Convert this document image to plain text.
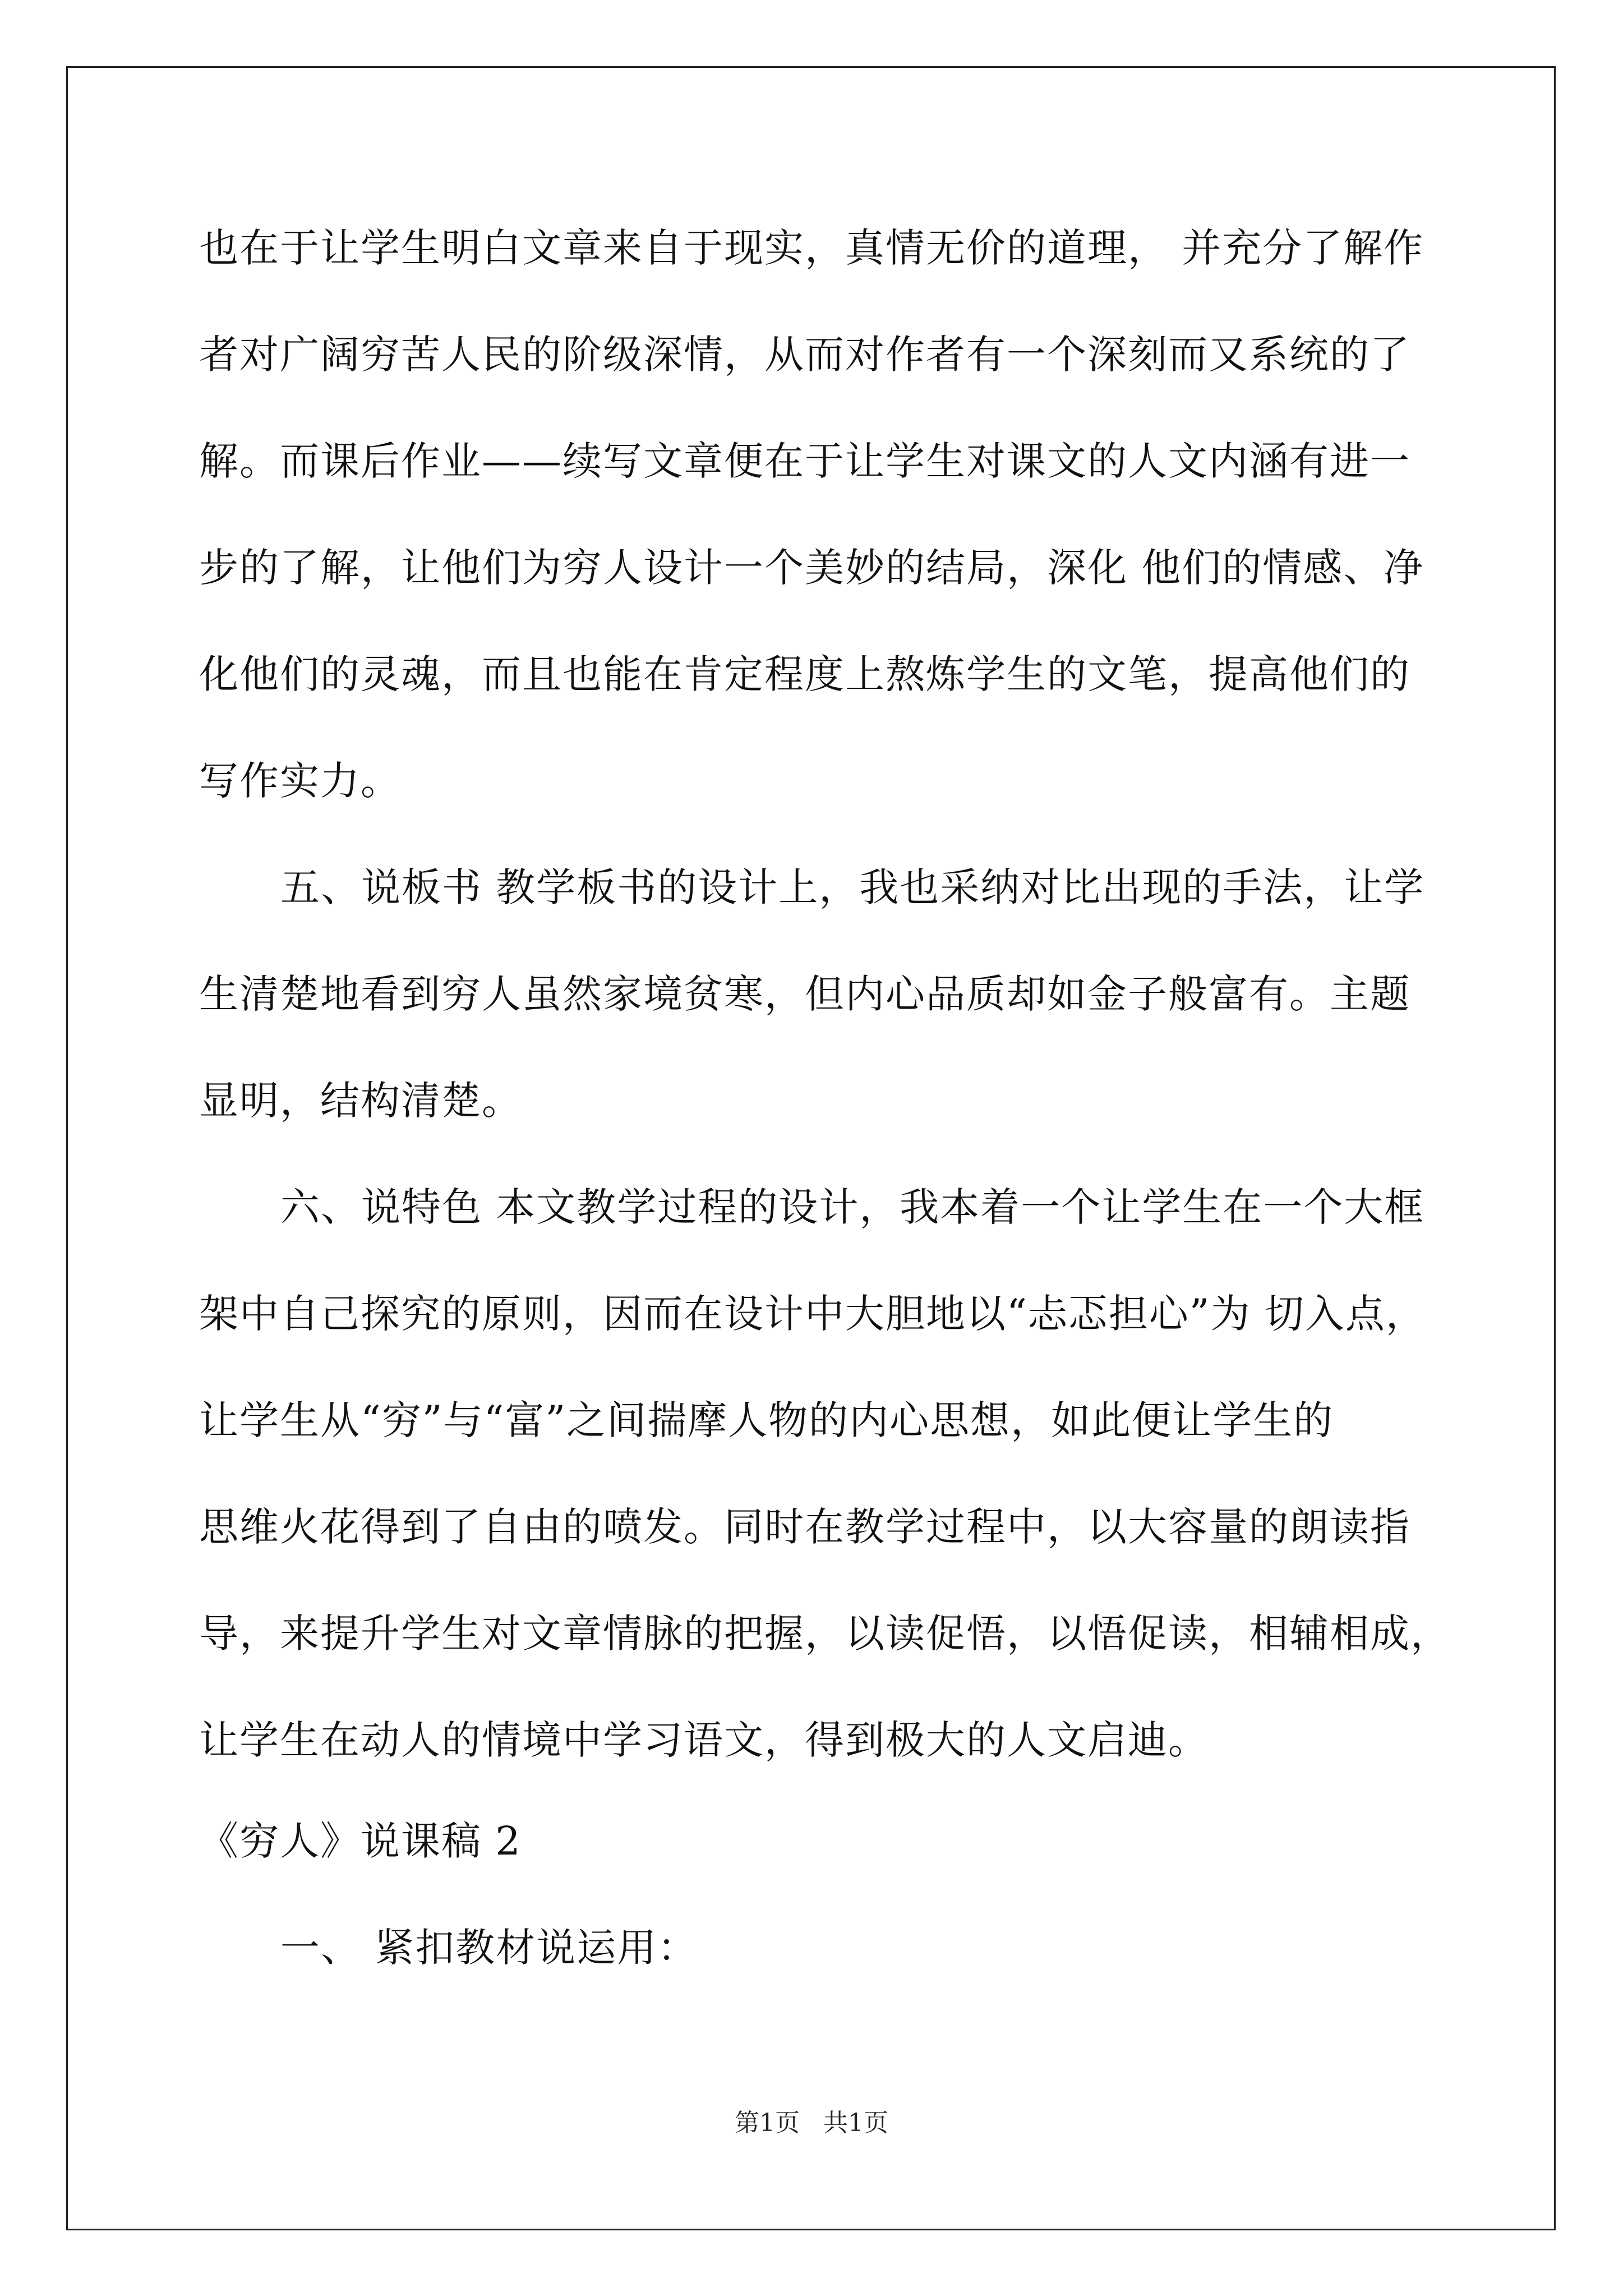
也在于让学生明白文章来自于现实，真情无价的道理， 并充分了解作
者对广阔穷苦人民的阶级深情，从而对作者有一个深刻而又系统的了
解。而课后作业——续写文章便在于让学生对课文的人文内涵有进一
步的了解，让他们为穷人设计一个美妙的结局，深化 他们的情感、净
化他们的灵魂，而且也能在肯定程度上熬炼学生的文笔，提高他们的
写作实力。
五、说板书 教学板书的设计上，我也采纳对比出现的手法，让学
生清楚地看到穷人虽然家境贫寒，但内心品质却如金子般富有。主题
显明，结构清楚。
六、说特色 本文教学过程的设计，我本着一个让学生在一个大框
架中自己探究的原则，因而在设计中大胆地以“忐忑担心”为 切入点，
让学生从“穷”与“富”之间揣摩人物的内心思想，如此便让学生的
思维火花得到了自由的喷发。同时在教学过程中，以大容量的朗读指
导，来提升学生对文章情脉的把握，以读促悟，以悟促读，相辅相成，
让学生在动人的情境中学习语文，得到极大的人文启迪。
《穷人》说课稿 2
一、 紧扣教材说运用：
第1页   共1页
